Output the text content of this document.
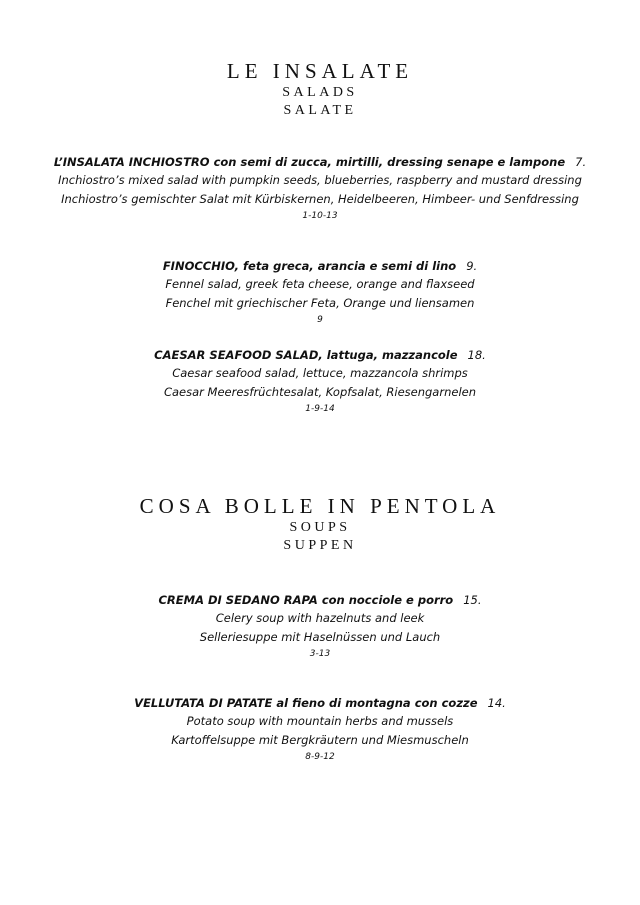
LE INSALATE
SALADS
SALATE
L’INSALATA INCHIOSTRO con semi di zucca, mirtilli, dressing senape e lampone 7.
Inchiostro’s mixed salad with pumpkin seeds, blueberries, raspberry and mustard dressing
Inchiostro’s gemischter Salat mit Kürbiskernen, Heidelbeeren, Himbeer- und Senfdressing
1-10-13
FINOCCHIO, feta greca, arancia e semi di lino 9.
Fennel salad, greek feta cheese, orange and flaxseed
Fenchel mit griechischer Feta, Orange und liensamen
9
CAESAR SEAFOOD SALAD, lattuga, mazzancole 18.
Caesar seafood salad, lettuce, mazzancola shrimps
Caesar Meeresfrüchtesalat, Kopfsalat, Riesengarnelen
1-9-14
COSA BOLLE IN PENTOLA
SOUPS
SUPPEN
CREMA DI SEDANO RAPA con nocciole e porro 15.
Celery soup with hazelnuts and leek
Selleriesuppe mit Haselnüssen und Lauch
3-13
VELLUTATA DI PATATE al fieno di montagna con cozze 14.
Potato soup with mountain herbs and mussels
Kartoffelsuppe mit Bergkräutern und Miesmuscheln
8-9-12
